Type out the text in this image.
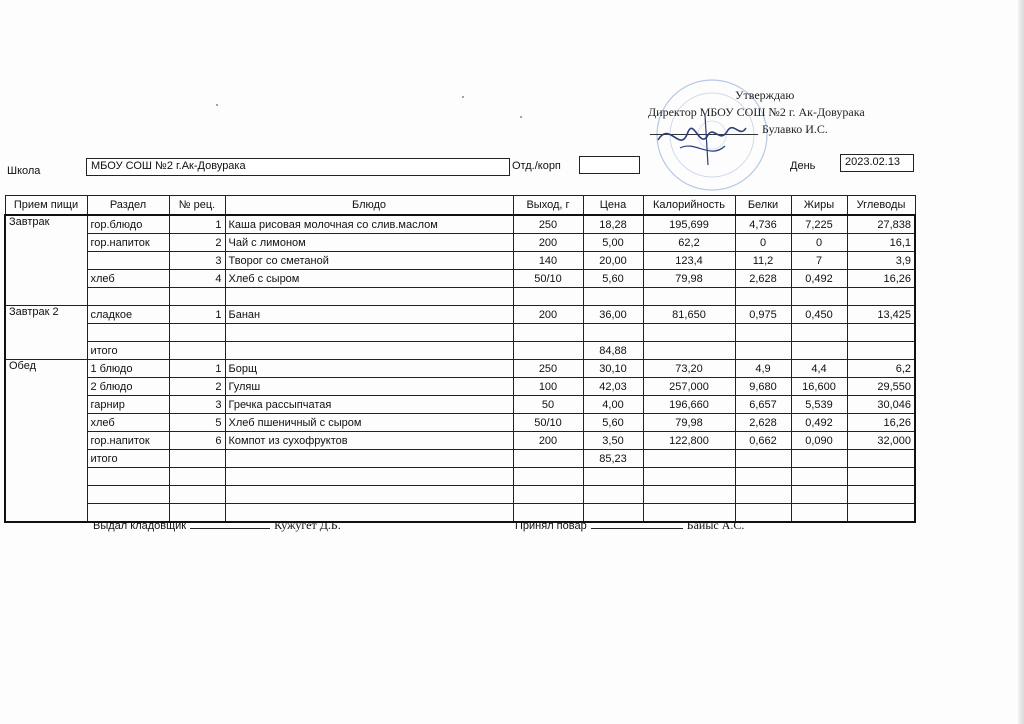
Утверждаю
Директор МБОУ СОШ №2 г. Ак-Довурака
Булавко И.С.
Школа	МБОУ СОШ №2 г.Ак-Довурака	Отд./корп	День	2023.02.13
Прием пищи	Раздел	№ рец.	Блюдо	Выход, г	Цена	Калорийность	Белки	Жиры	Углеводы
Завтрак	гор.блюдо	1	Каша рисовая молочная со слив.маслом	250	18,28	195,699	4,736	7,225	27,838
	гор.напиток	2	Чай с лимоном	200	5,00	62,2	0	0	16,1
		3	Творог со сметаной	140	20,00	123,4	11,2	7	3,9
	хлеб	4	Хлеб с сыром	50/10	5,60	79,98	2,628	0,492	16,26

Завтрак 2	сладкое	1	Банан	200	36,00	81,650	0,975	0,450	13,425

	итого				84,88				
Обед	1 блюдо	1	Борщ	250	30,10	73,20	4,9	4,4	6,2
	2 блюдо	2	Гуляш	100	42,03	257,000	9,680	16,600	29,550
	гарнир	3	Гречка рассыпчатая	50	4,00	196,660	6,657	5,539	30,046
	хлеб	5	Хлеб пшеничный с сыром	50/10	5,60	79,98	2,628	0,492	16,26
	гор.напиток	6	Компот из сухофруктов	200	3,50	122,800	0,662	0,090	32,000
	итого				85,23				

Выдал кладовщик	Кужугет Д.Б.	Принял повар	Байыс А.С.
